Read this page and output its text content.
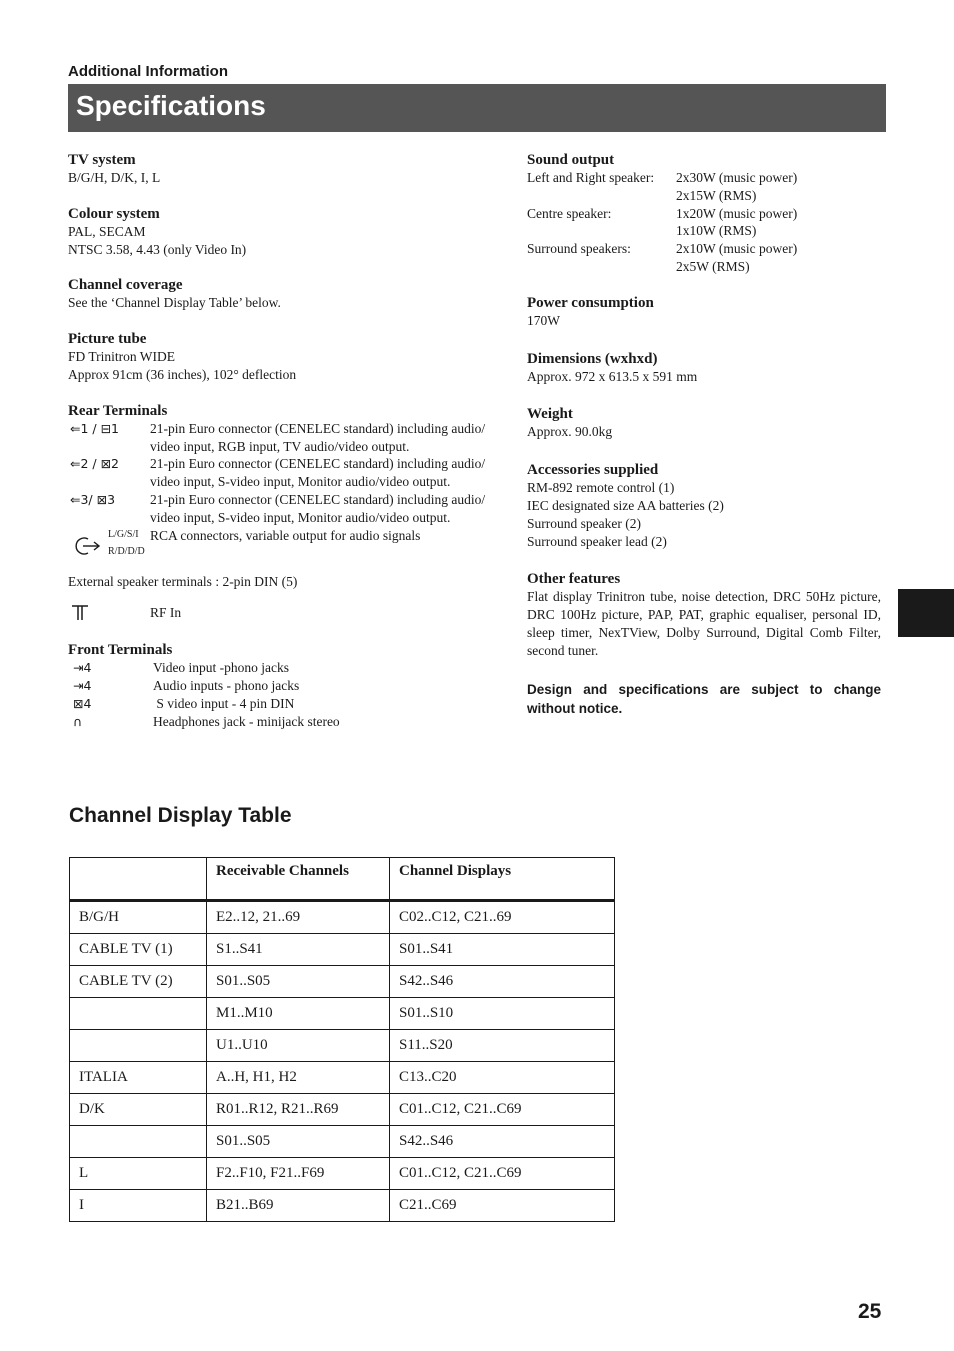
Additional Information
Specifications
TV system
B/G/H, D/K, I, L
Colour system
PAL, SECAM
NTSC 3.58, 4.43 (only Video In)
Channel coverage
See the ‘Channel Display Table’ below.
Picture tube
FD Trinitron WIDE
Approx 91cm (36 inches), 102° deflection
Rear Terminals
⇐1 / ⊟1	21-pin Euro connector (CENELEC standard) including audio/ video input, RGB input, TV audio/video output.
⇐2 / ⊠2	21-pin Euro connector (CENELEC standard) including audio/ video input, S-video input, Monitor audio/video output.
⇐3/ ⊠3	21-pin Euro connector (CENELEC standard) including audio/ video input, S-video input, Monitor audio/video output.
L/G/S/I
R/D/D/D
RCA connectors, variable output for audio signals
External speaker terminals : 2-pin DIN (5)
RF In
Front Terminals
⇥4	Video input -phono jacks
⇥4	Audio inputs - phono jacks
⊠4	S video input - 4 pin DIN
∩	Headphones jack - minijack stereo
Sound output
Left and Right speaker:	2x30W (music power)
2x15W (RMS)
Centre speaker:	1x20W (music power)
1x10W (RMS)
Surround speakers:	2x10W (music power)
2x5W (RMS)
Power consumption
170W
Dimensions (wxhxd)
Approx. 972 x 613.5 x 591 mm
Weight
Approx. 90.0kg
Accessories supplied
RM-892 remote control (1)
IEC designated size AA batteries (2)
Surround speaker (2)
Surround speaker lead (2)
Other features
Flat display Trinitron tube, noise detection, DRC 50Hz picture, DRC 100Hz picture, PAP, PAT, graphic equaliser, personal ID, sleep timer, NexTView, Dolby Surround, Digital Comb Filter, second tuner.
Design and specifications are subject to change without notice.
Channel Display Table
	Receivable Channels	Channel Displays
B/G/H	E2..12, 21..69	C02..C12, C21..69
CABLE TV (1)	S1..S41	S01..S41
CABLE TV (2)	S01..S05	S42..S46
	M1..M10	S01..S10
	U1..U10	S11..S20
ITALIA	A..H, H1, H2	C13..C20
D/K	R01..R12, R21..R69	C01..C12, C21..C69
	S01..S05	S42..S46
L	F2..F10, F21..F69	C01..C12, C21..C69
I	B21..B69	C21..C69
25
